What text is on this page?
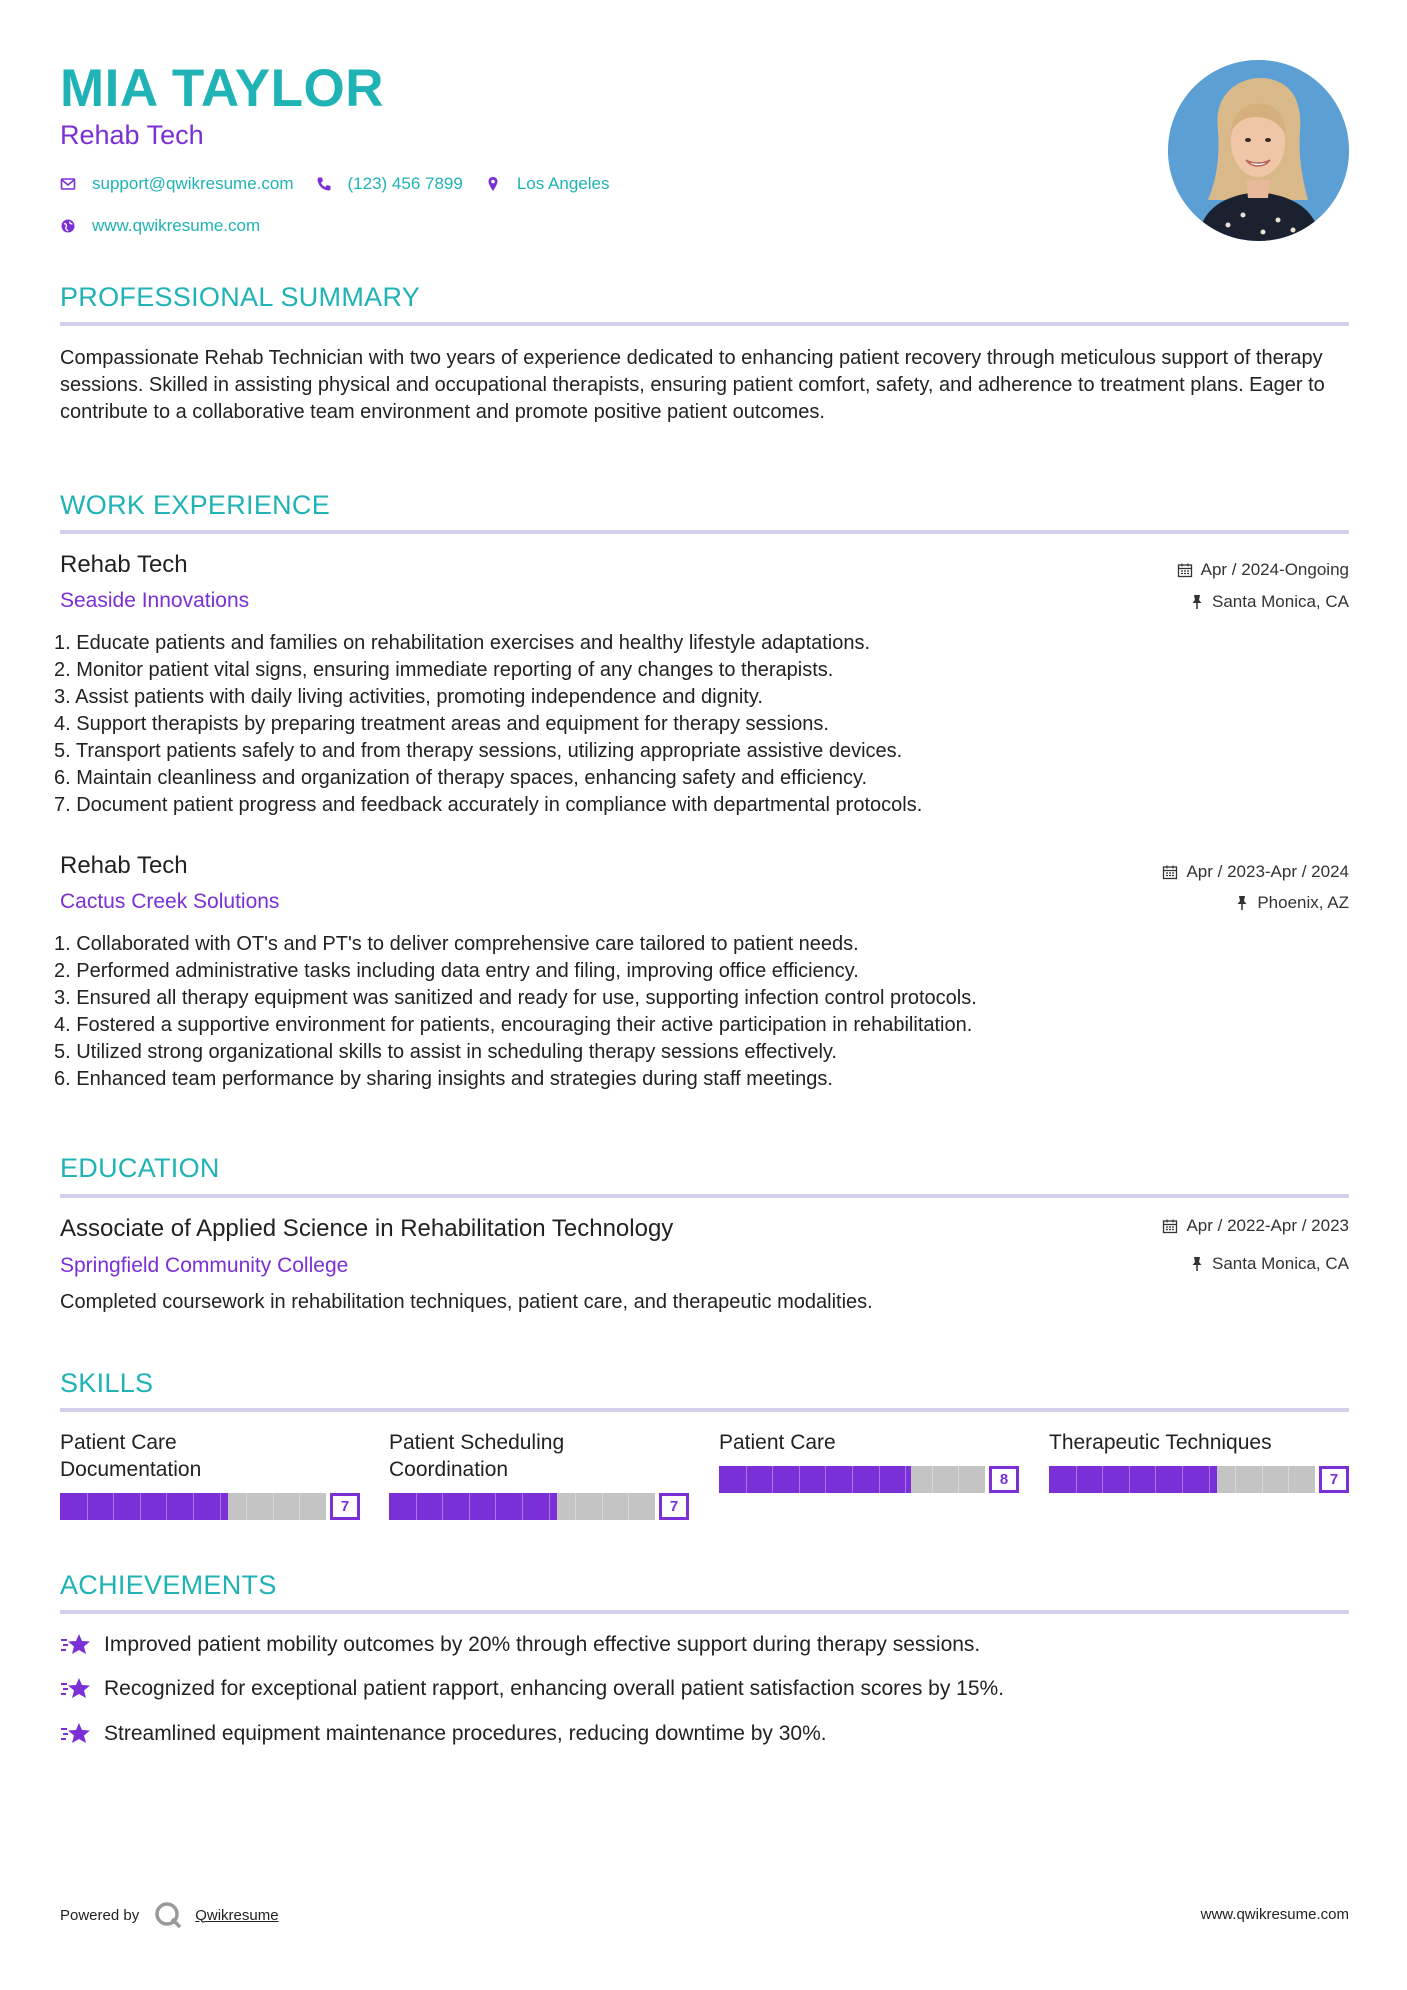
MIA TAYLOR
Rehab Tech
support@qwikresume.com	(123) 456 7899	Los Angeles
www.qwikresume.com
PROFESSIONAL SUMMARY

Compassionate Rehab Technician with two years of experience dedicated to enhancing patient recovery through meticulous support of therapy sessions. Skilled in assisting physical and occupational therapists, ensuring patient comfort, safety, and adherence to treatment plans. Eager to contribute to a collaborative team environment and promote positive patient outcomes.

WORK EXPERIENCE
Rehab Tech
Seaside Innovations
Apr / 2024-Ongoing
Santa Monica, CA
1. Educate patients and families on rehabilitation exercises and healthy lifestyle adaptations.
2. Monitor patient vital signs, ensuring immediate reporting of any changes to therapists.
3. Assist patients with daily living activities, promoting independence and dignity.
4. Support therapists by preparing treatment areas and equipment for therapy sessions.
5. Transport patients safely to and from therapy sessions, utilizing appropriate assistive devices.
6. Maintain cleanliness and organization of therapy spaces, enhancing safety and efficiency.
7. Document patient progress and feedback accurately in compliance with departmental protocols.
Rehab Tech
Cactus Creek Solutions
Apr / 2023-Apr / 2024
Phoenix, AZ
1. Collaborated with OT's and PT's to deliver comprehensive care tailored to patient needs.
2. Performed administrative tasks including data entry and filing, improving office efficiency.
3. Ensured all therapy equipment was sanitized and ready for use, supporting infection control protocols.
4. Fostered a supportive environment for patients, encouraging their active participation in rehabilitation.
5. Utilized strong organizational skills to assist in scheduling therapy sessions effectively.
6. Enhanced team performance by sharing insights and strategies during staff meetings.
EDUCATION
Associate of Applied Science in Rehabilitation Technology
Springfield Community College
Apr / 2022-Apr / 2023
Santa Monica, CA

Completed coursework in rehabilitation techniques, patient care, and therapeutic modalities.

SKILLS
Patient Care
Documentation
7
Patient Scheduling
Coordination
7
Patient Care
8
Therapeutic Techniques
7
ACHIEVEMENTS
Improved patient mobility outcomes by 20% through effective support during therapy sessions.
Recognized for exceptional patient rapport, enhancing overall patient satisfaction scores by 15%.
Streamlined equipment maintenance procedures, reducing downtime by 30%.
Powered by	Qwikresume	www.qwikresume.com
